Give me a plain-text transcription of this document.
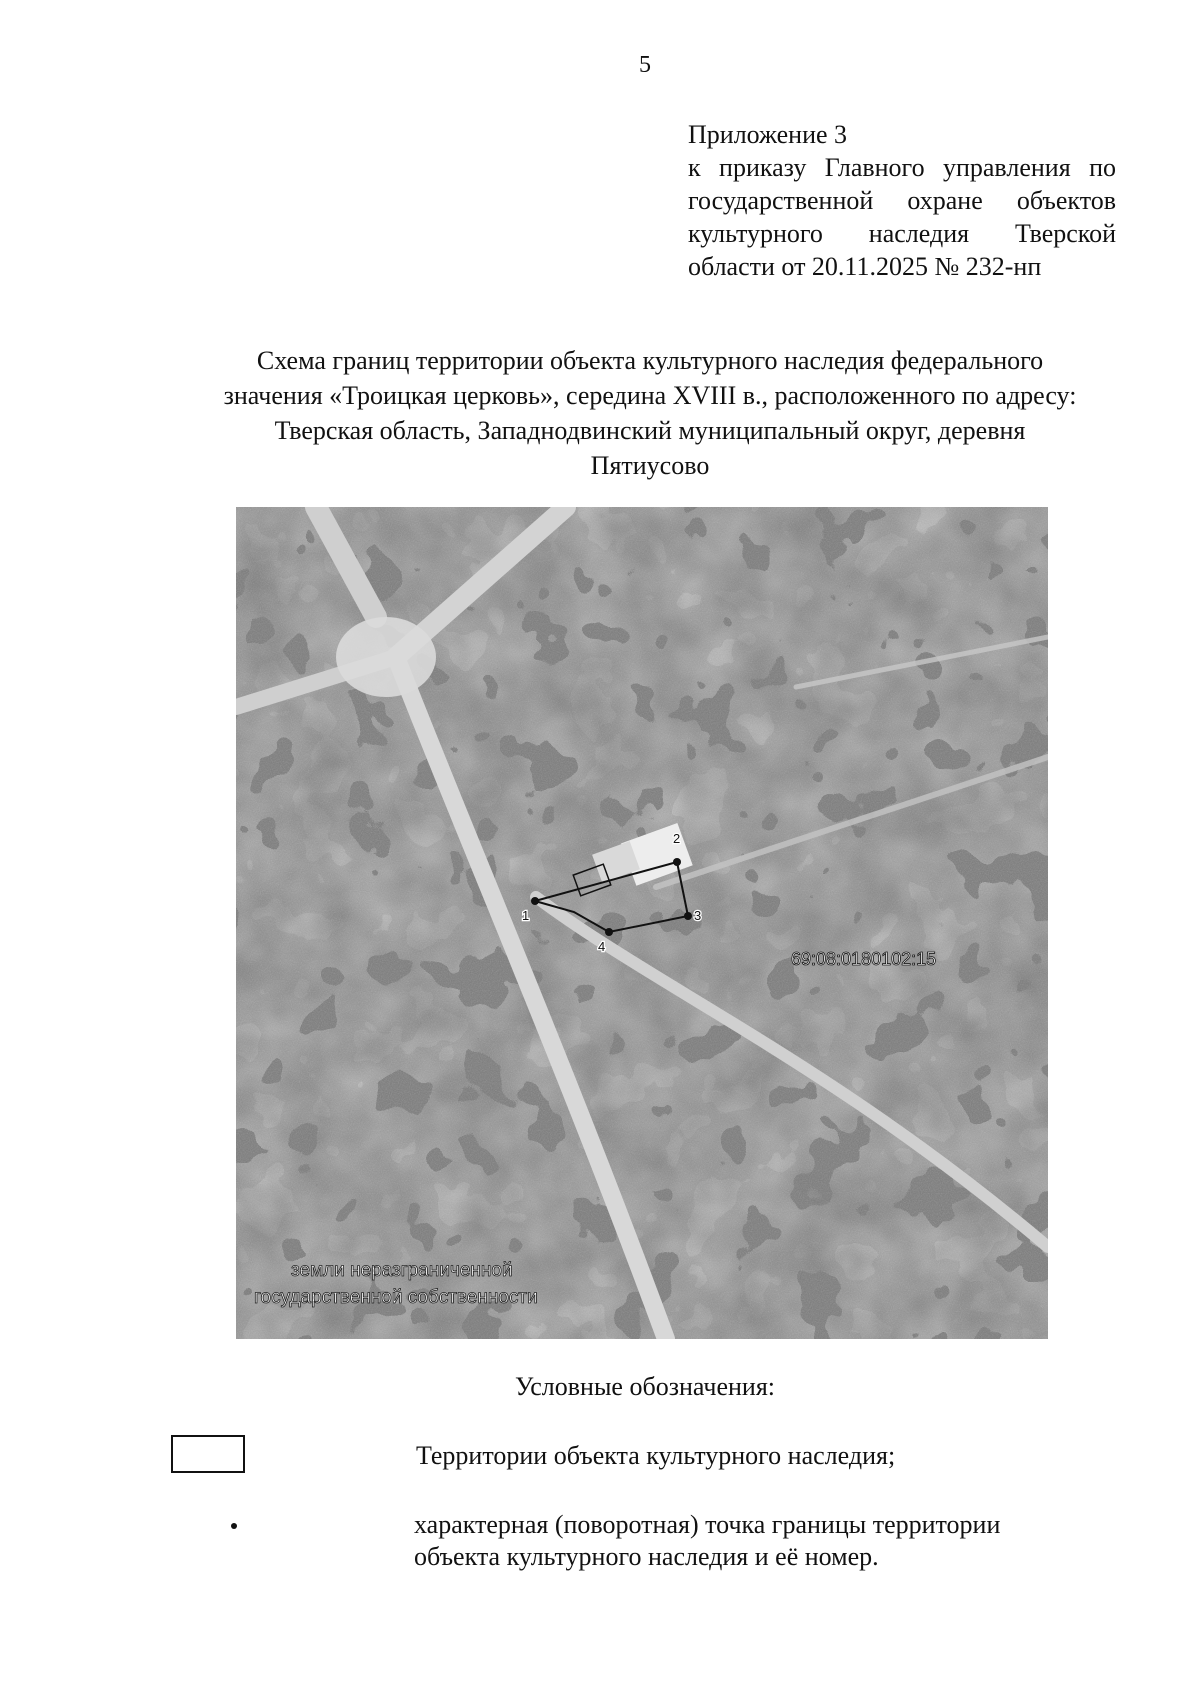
5
Приложение 3
к приказу Главного управления по
государственной охране объектов
культурного наследия Тверской
области от 20.11.2025 № 232-нп
Схема границ территории объекта культурного наследия федерального
значения «Троицкая церковь», середина XVIII в., расположенного по адресу:
Тверская область, Западнодвинский муниципальный округ, деревня
Пятиусово
1
2
3
4
69:08:0180102:15
земли неразграниченной
государственной собственности
Условные обозначения:
Территории объекта культурного наследия;
характерная (поворотная) точка границы территории
объекта культурного наследия и её номер.
